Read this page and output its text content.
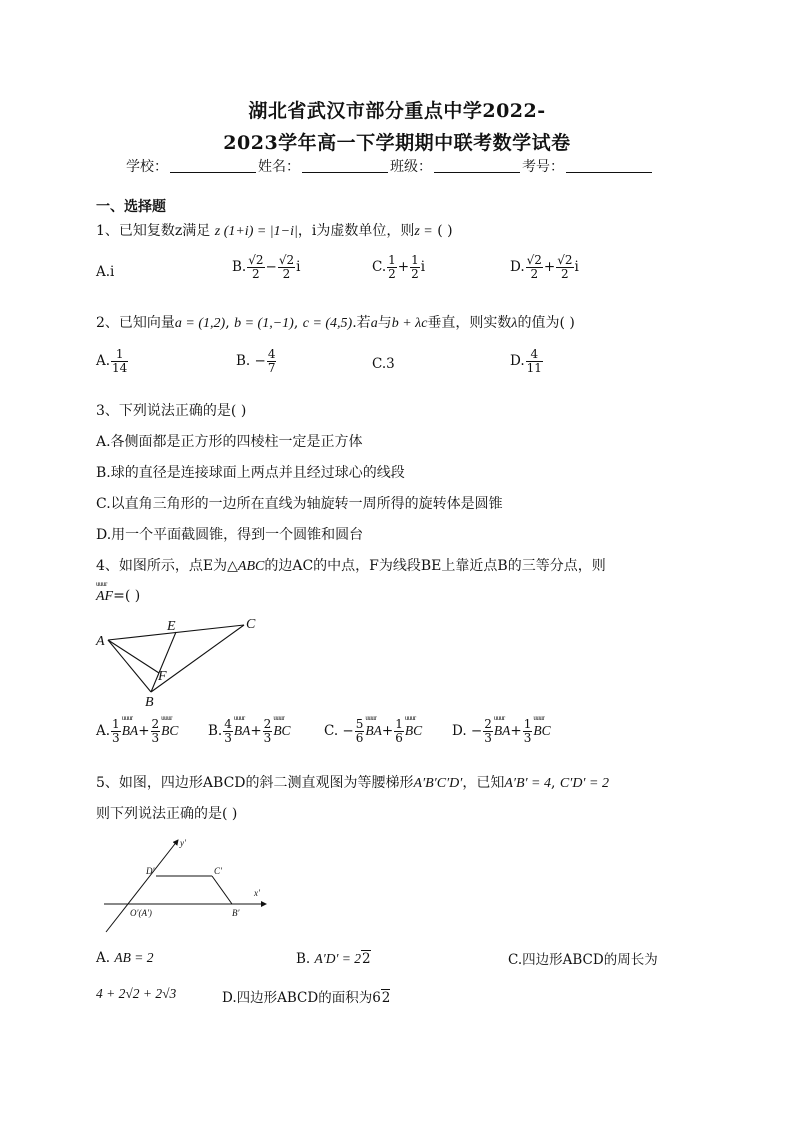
湖北省武汉市部分重点中学2022-
2023学年高一下学期期中联考数学试卷
学校：	姓名：	班级：	考号：
一、选择题
1、已知复数z满足 z (1+i) = |1−i|，i为虚数单位，则z = ( )
A.i	B. $\frac{√2}{2} - \frac{√2}{2}$ i	C. $\frac{1}{2} + \frac{1}{2}$ i	D. $\frac{√2}{2} + \frac{√2}{2}$ i
2、已知向量a = (1,2), b = (1,−1), c = (4,5).若a与b + λc垂直，则实数λ的值为( )
A. $\frac{1}{14}$	B. − $\frac{4}{7}$	C.3	D. $\frac{4}{11}$
3、下列说法正确的是( )
A.各侧面都是正方形的四棱柱一定是正方体
B.球的直径是连接球面上两点并且经过球心的线段
C.以直角三角形的一边所在直线为轴旋转一周所得的旋转体是圆锥
D.用一个平面截圆锥，得到一个圆锥和圆台
4、如图所示，点E为△ABC的边AC的中点，F为线段BE上靠近点B的三等分点，则
uuur AF=( )
A
C
E
F
B
A. $\frac{1}{3}$ uuur $BA+ \frac{2}{3}$ uuur BC B. $\frac{4}{3}$ uuur $BA+ \frac{2}{3}$ uuur BC C. − $\frac{5}{6}$ uuur $BA+ \frac{1}{6}$ uuur BC D. − $\frac{2}{3}$ uuur $BA+ \frac{1}{3}$ uuur BC
5、如图，四边形ABCD的斜二测直观图为等腰梯形A′B′C′D′，已知A′B′ = 4, C′D′ = 2
则下列说法正确的是( )
y′
x′
D′	C′
O′(A′)	B′
A. AB = 2	B. A′D′ = 22	C.四边形ABCD的周长为
4 + 2√2 + 2√3	D.四边形ABCD的面积为62
